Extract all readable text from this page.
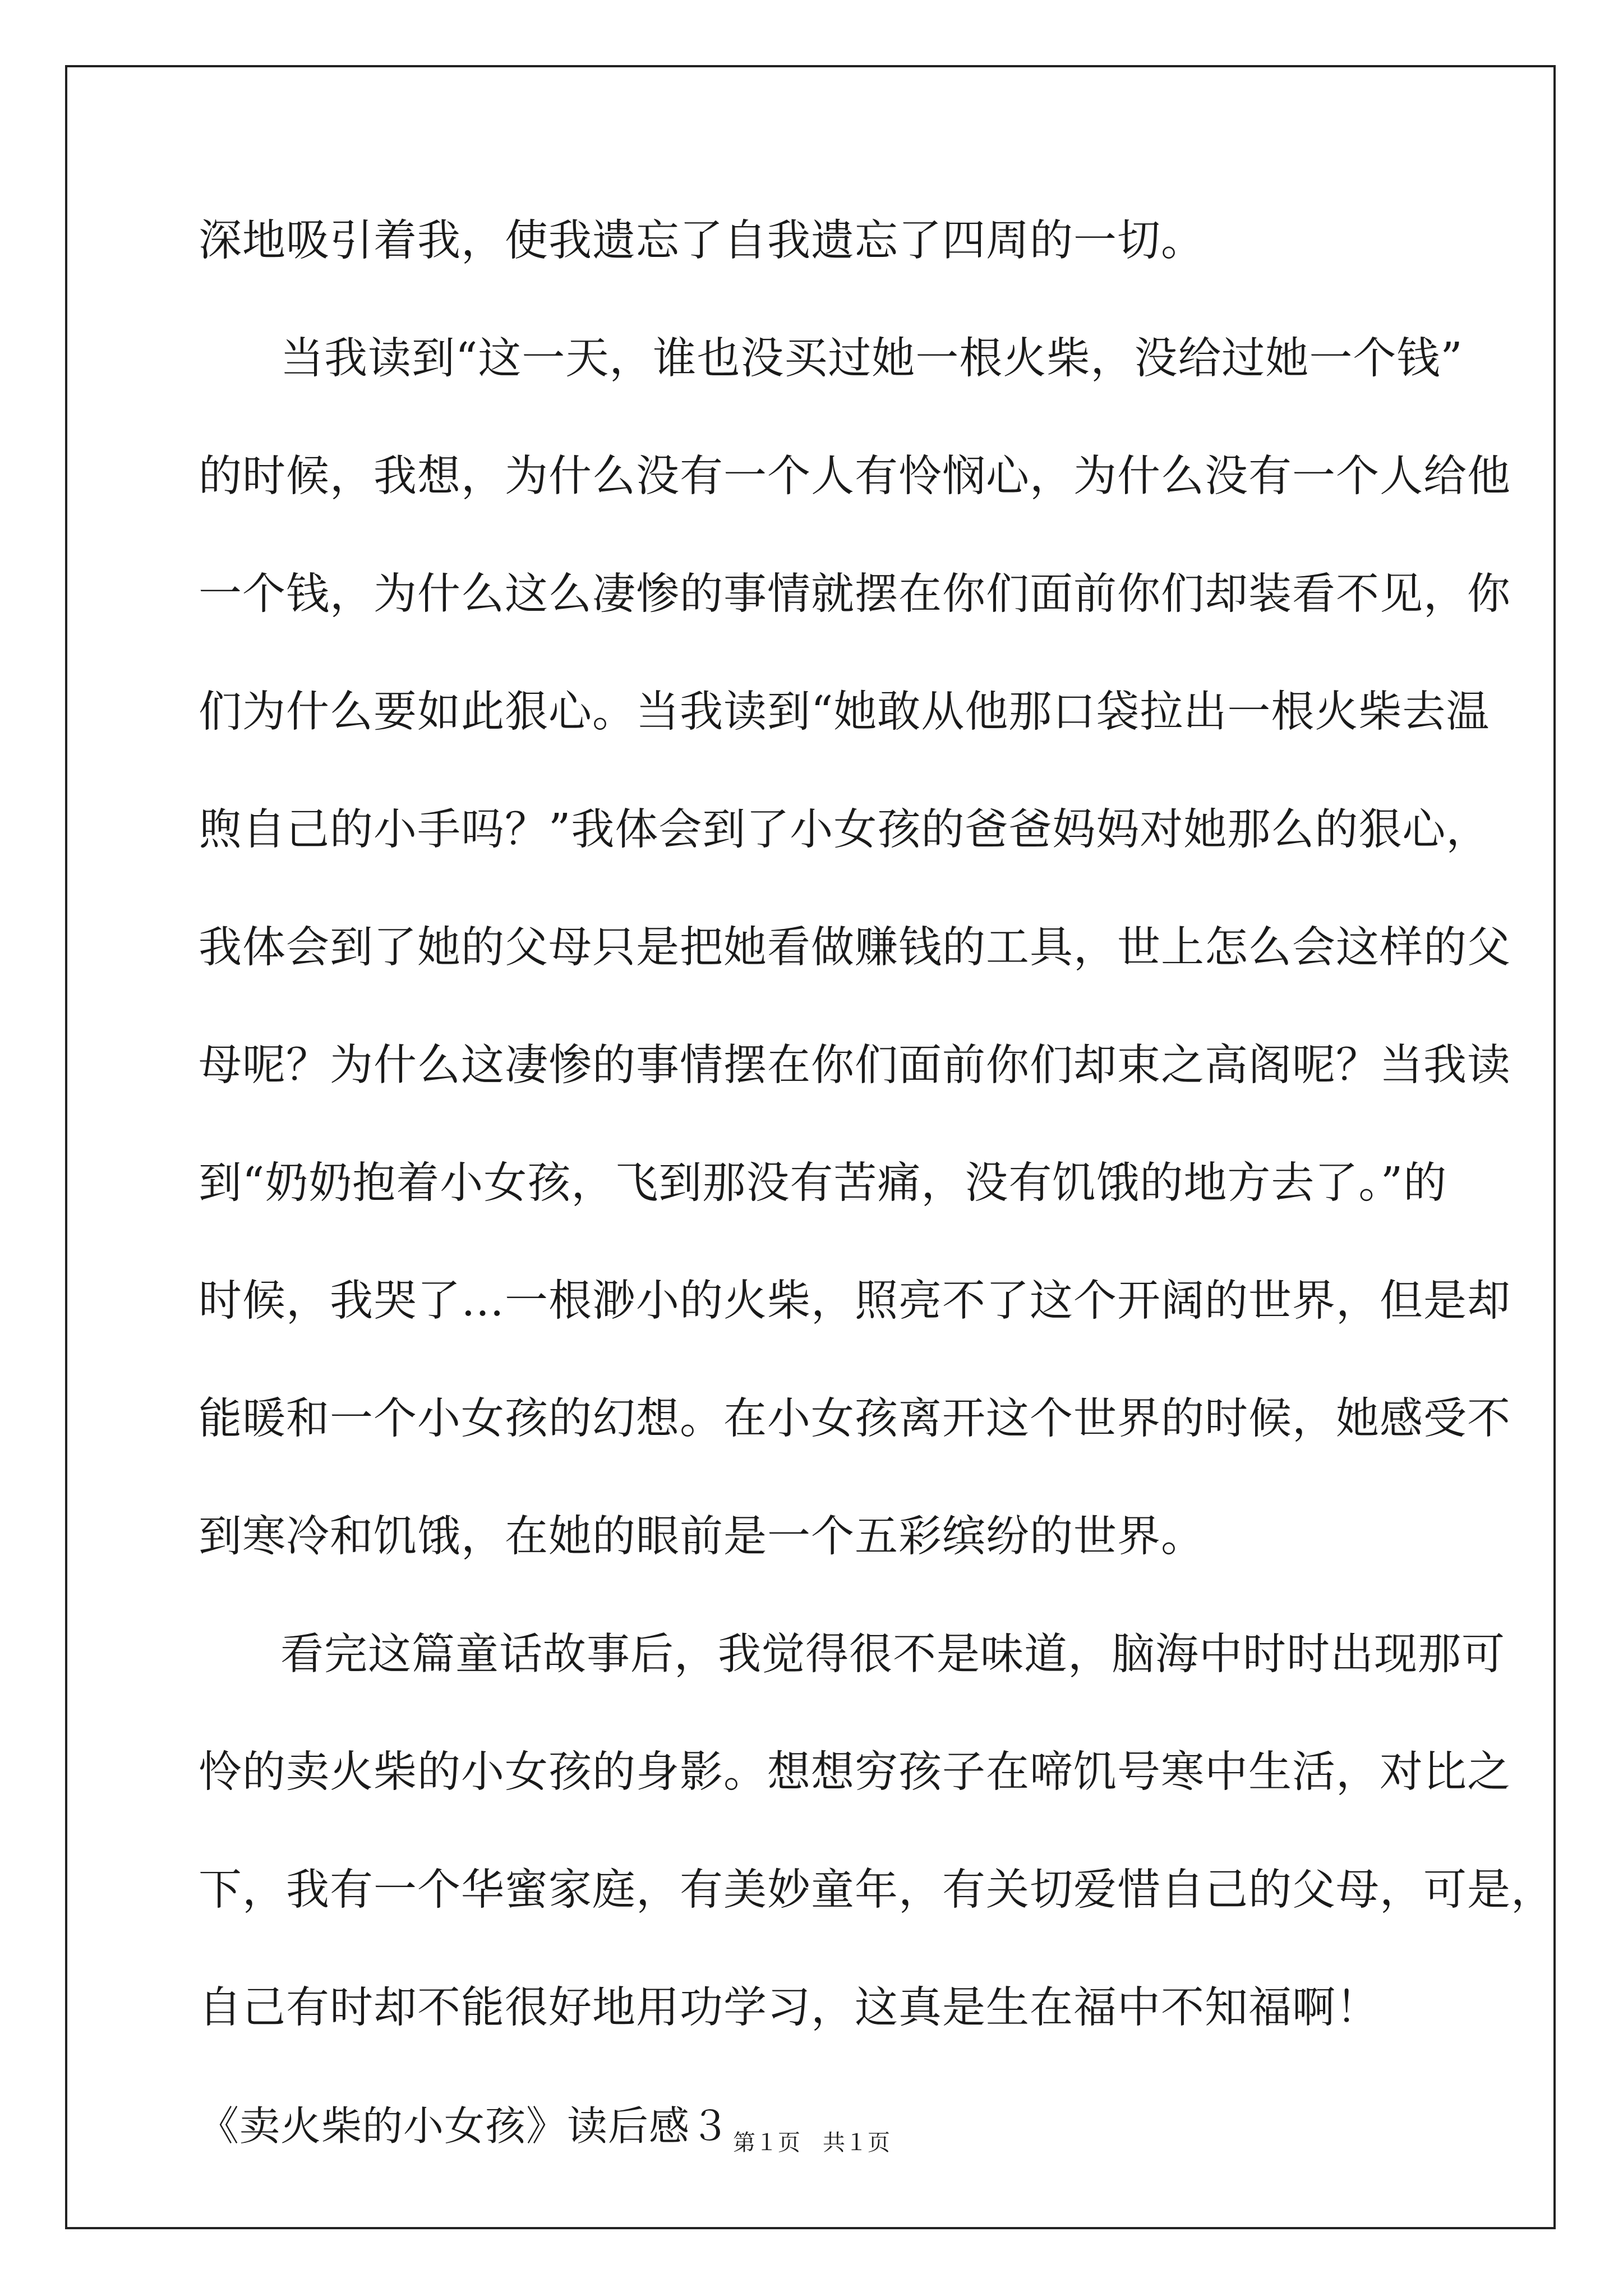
深地吸引着我，使我遗忘了自我遗忘了四周的一切。
当我读到“这一天，谁也没买过她一根火柴，没给过她一个钱”
的时候，我想，为什么没有一个人有怜悯心，为什么没有一个人给他
一个钱，为什么这么凄惨的事情就摆在你们面前你们却装看不见，你
们为什么要如此狠心。当我读到“她敢从他那口袋拉出一根火柴去温
煦自己的小手吗？”我体会到了小女孩的爸爸妈妈对她那么的狠心，
我体会到了她的父母只是把她看做赚钱的工具，世上怎么会这样的父
母呢？为什么这凄惨的事情摆在你们面前你们却束之高阁呢？当我读
到“奶奶抱着小女孩，飞到那没有苦痛，没有饥饿的地方去了。”的
时候，我哭了…一根渺小的火柴，照亮不了这个开阔的世界，但是却
能暖和一个小女孩的幻想。在小女孩离开这个世界的时候，她感受不
到寒冷和饥饿，在她的眼前是一个五彩缤纷的世界。
看完这篇童话故事后，我觉得很不是味道，脑海中时时出现那可
怜的卖火柴的小女孩的身影。想想穷孩子在啼饥号寒中生活，对比之
下，我有一个华蜜家庭，有美妙童年，有关切爱惜自己的父母，可是，
自己有时却不能很好地用功学习，这真是生在福中不知福啊！
《卖火柴的小女孩》读后感３ 第１页　共１页
